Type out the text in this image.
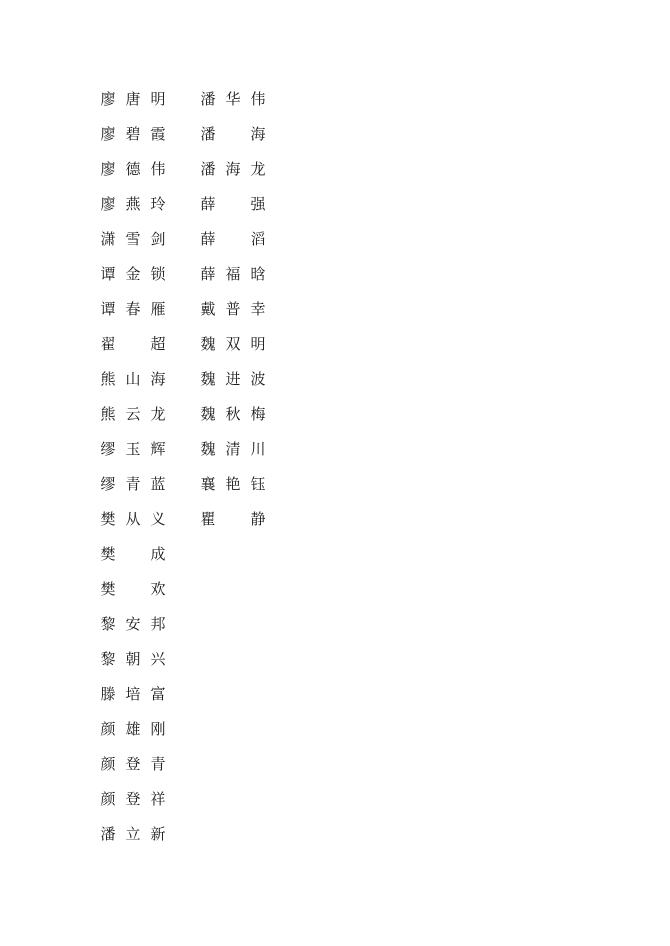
廖 唐 明
廖 碧 霞
廖 德 伟
廖 燕 玲
潇 雪 剑
谭 金 锁
谭 春 雁
翟 超
熊 山 海
熊 云 龙
缪 玉 辉
缪 青 蓝
樊 从 义
樊 成
樊 欢
黎 安 邦
黎 朝 兴
滕 培 富
颜 雄 刚
颜 登 青
颜 登 祥
潘 立 新
潘 华 伟
潘 海
潘 海 龙
薛 强
薛 滔
薛 福 晗
戴 普 幸
魏 双 明
魏 进 波
魏 秋 梅
魏 清 川
襄 艳 钰
瞿 静
